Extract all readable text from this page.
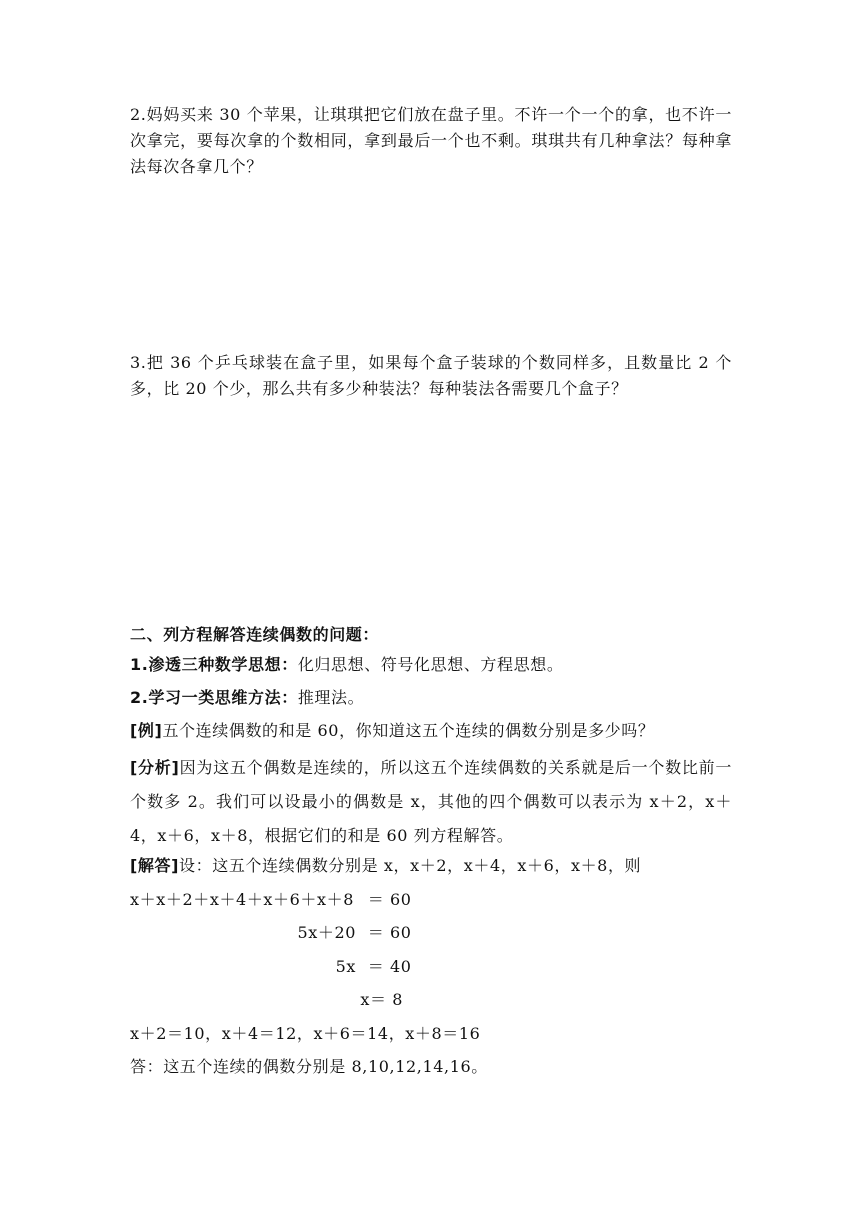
2.妈妈买来 30 个苹果，让琪琪把它们放在盘子里。不许一个一个的拿，也不许一次拿完，要每次拿的个数相同，拿到最后一个也不剩。琪琪共有几种拿法？每种拿法每次各拿几个？
3.把 36 个乒乓球装在盒子里，如果每个盒子装球的个数同样多，且数量比 2 个多，比 20 个少，那么共有多少种装法？每种装法各需要几个盒子？
二、列方程解答连续偶数的问题：
1.渗透三种数学思想：化归思想、符号化思想、方程思想。
2.学习一类思维方法：推理法。
[例]五个连续偶数的和是 60，你知道这五个连续的偶数分别是多少吗？
[分析]因为这五个偶数是连续的，所以这五个连续偶数的关系就是后一个数比前一个数多 2。我们可以设最小的偶数是 x，其他的四个偶数可以表示为 x＋2，x＋4，x＋6，x＋8，根据它们的和是 60 列方程解答。
[解答]设：这五个连续偶数分别是 x，x＋2，x＋4，x＋6，x＋8，则
x＋x＋2＋x＋4＋x＋6＋x＋8 ＝ 60
5x＋20 ＝ 60
5x ＝ 40
x＝ 8
x＋2＝10，x＋4＝12，x＋6＝14，x＋8＝16
答：这五个连续的偶数分别是 8,10,12,14,16。
